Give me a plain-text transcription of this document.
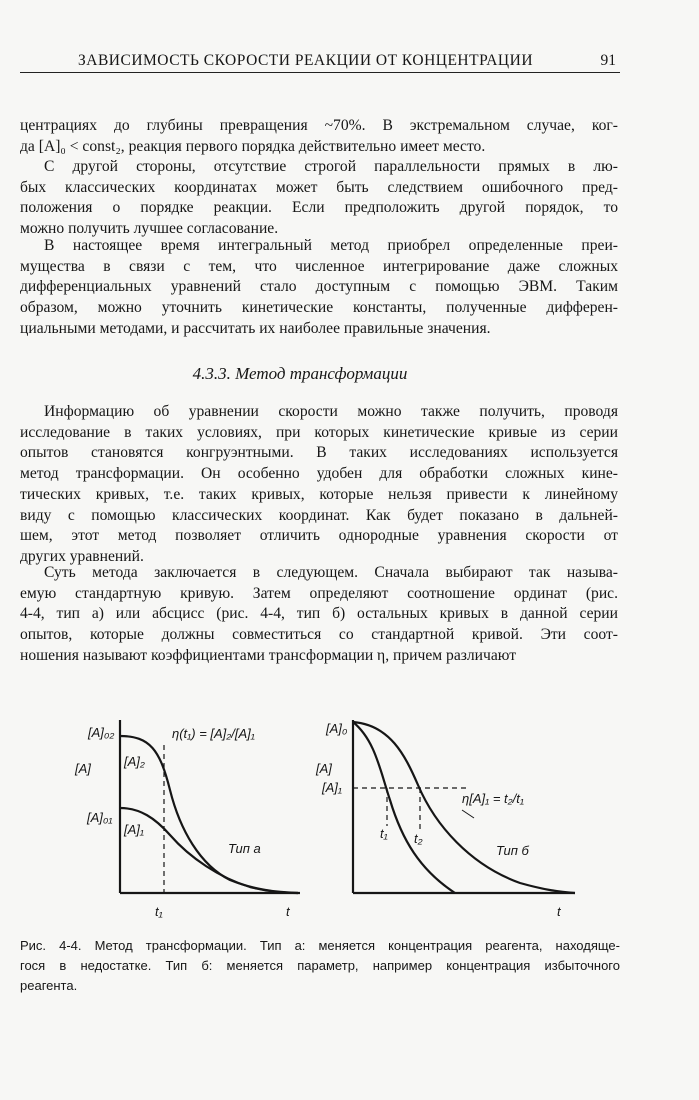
ЗАВИСИМОСТЬ СКОРОСТИ РЕАКЦИИ ОТ КОНЦЕНТРАЦИИ	91
центрациях до глубины превращения ~70%. В экстремальном случае, ког-
да [A]₀ < const₂, реакция первого порядка действительно имеет место.
С другой стороны, отсутствие строгой параллельности прямых в лю-
бых классических координатах может быть следствием ошибочного пред-
положения о порядке реакции. Если предположить другой порядок, то
можно получить лучшее согласование.
В настоящее время интегральный метод приобрел определенные преи-
мущества в связи с тем, что численное интегрирование даже сложных
дифференциальных уравнений стало доступным с помощью ЭВМ. Таким
образом, можно уточнить кинетические константы, полученные дифферен-
циальными методами, и рассчитать их наиболее правильные значения.
4.3.3. Метод трансформации
Информацию об уравнении скорости можно также получить, проводя
исследование в таких условиях, при которых кинетические кривые из серии
опытов становятся конгруэнтными. В таких исследованиях используется
метод трансформации. Он особенно удобен для обработки сложных кине-
тических кривых, т.е. таких кривых, которые нельзя привести к линейному
виду с помощью классических координат. Как будет показано в дальней-
шем, этот метод позволяет отличить однородные уравнения скорости от
других уравнений.
Суть метода заключается в следующем. Сначала выбирают так называ-
емую стандартную кривую. Затем определяют соотношение ординат (рис.
4-4, тип а) или абсцисс (рис. 4-4, тип б) остальных кривых в данной серии
опытов, которые должны совместиться со стандартной кривой. Эти соот-
ношения называют коэффициентами трансформации η, причем различают
[A]₀₂
[A]	[A]₂
[A]₀₁
[A]₁
η(t₁) = [A]₂/[A]₁
t₁	t
Тип а
[A]₀
[A]
[A]₁
η[A]₁ = t₂/t₁
t₁ t₂
t
Тип б
Рис. 4-4. Метод трансформации. Тип а: меняется концентрация реагента, находяще-
гося в недостатке. Тип б: меняется параметр, например концентрация избыточного
реагента.
